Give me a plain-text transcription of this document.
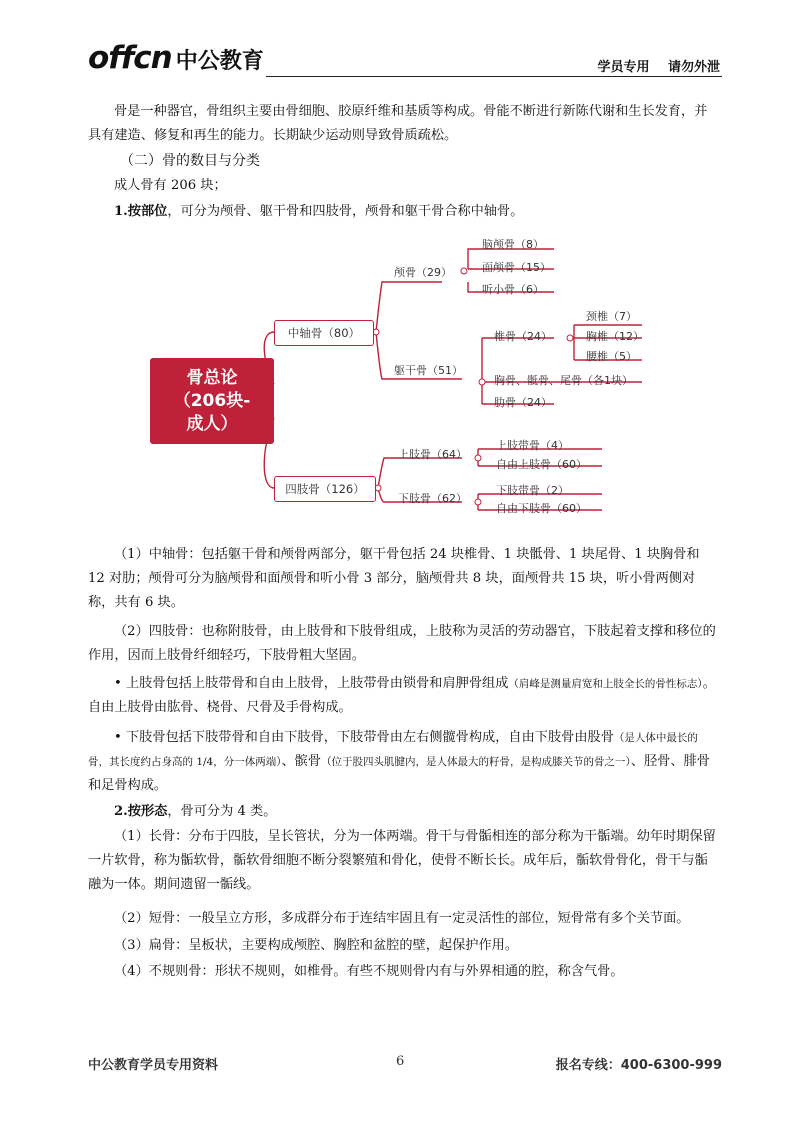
offcn 中公教育	学员专用 请勿外泄

骨是一种器官，骨组织主要由骨细胞、胶原纤维和基质等构成。骨能不断进行新陈代谢和生长发育，并具有建造、修复和再生的能力。长期缺少运动则导致骨质疏松。

（二）骨的数目与分类

成人骨有 206 块；

1.按部位，可分为颅骨、躯干骨和四肢骨，颅骨和躯干骨合称中轴骨。

骨总论
（206块-
成人）
中轴骨（80）
四肢骨（126）
颅骨（29）
脑颅骨（8）
面颅骨（15）
听小骨（6）
躯干骨（51）
椎骨（24）
颈椎（7）
胸椎（12）
腰椎（5）
胸骨、骶骨、尾骨（各1块）
肋骨（24）
上肢骨（64）
上肢带骨（4）
自由上肢骨（60）
下肢骨（62）
下肢带骨（2）
自由下肢骨（60）

（1）中轴骨：包括躯干骨和颅骨两部分，躯干骨包括 24 块椎骨、1 块骶骨、1 块尾骨、1 块胸骨和 12 对肋；颅骨可分为脑颅骨和面颅骨和听小骨 3 部分，脑颅骨共 8 块，面颅骨共 15 块，听小骨两侧对称，共有 6 块。

（2）四肢骨：也称附肢骨，由上肢骨和下肢骨组成，上肢称为灵活的劳动器官，下肢起着支撑和移位的作用，因而上肢骨纤细轻巧，下肢骨粗大坚固。

• 上肢骨包括上肢带骨和自由上肢骨，上肢带骨由锁骨和肩胛骨组成（肩峰是测量肩宽和上肢全长的骨性标志）。自由上肢骨由肱骨、桡骨、尺骨及手骨构成。

• 下肢骨包括下肢带骨和自由下肢骨，下肢带骨由左右侧髋骨构成，自由下肢骨由股骨（是人体中最长的骨，其长度约占身高的 1/4，分一体两端）、髌骨（位于股四头肌腱内，是人体最大的籽骨，是构成膝关节的骨之一）、胫骨、腓骨和足骨构成。

2.按形态，骨可分为 4 类。

（1）长骨：分布于四肢，呈长管状，分为一体两端。骨干与骨骺相连的部分称为干骺端。幼年时期保留一片软骨，称为骺软骨，骺软骨细胞不断分裂繁殖和骨化，使骨不断长长。成年后，骺软骨骨化，骨干与骺融为一体。期间遗留一骺线。

（2）短骨：一般呈立方形，多成群分布于连结牢固且有一定灵活性的部位，短骨常有多个关节面。

（3）扁骨：呈板状，主要构成颅腔、胸腔和盆腔的壁，起保护作用。

（4）不规则骨：形状不规则，如椎骨。有些不规则骨内有与外界相通的腔，称含气骨。

中公教育学员专用资料	6	报名专线：400-6300-999
